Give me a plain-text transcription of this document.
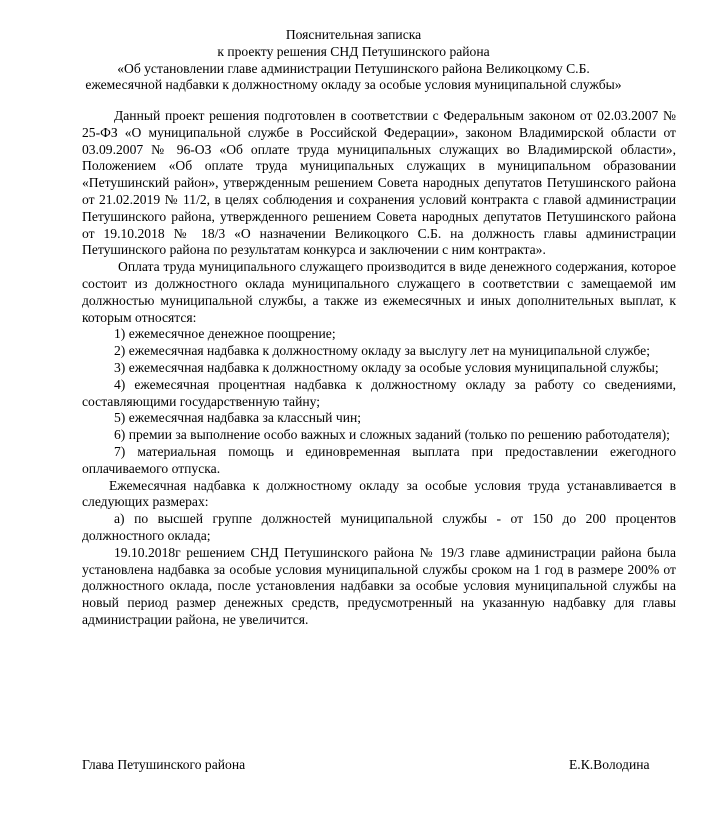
Пояснительная записка
к проекту решения СНД Петушинского района
«Об установлении главе администрации Петушинского района Великоцкому С.Б.
ежемесячной надбавки к должностному окладу за особые условия муниципальной службы»

Данный проект решения подготовлен в соответствии с Федеральным законом от 02.03.2007 № 25-ФЗ «О муниципальной службе в Российской Федерации», законом Владимирской области от 03.09.2007 № 96-ОЗ «Об оплате труда муниципальных служащих во Владимирской области», Положением «Об оплате труда муниципальных служащих в муниципальном образовании «Петушинский район», утвержденным решением Совета народных депутатов Петушинского района от 21.02.2019 № 11/2, в целях соблюдения и сохранения условий контракта с главой администрации Петушинского района, утвержденного решением Совета народных депутатов Петушинского района от 19.10.2018 № 18/3 «О назначении Великоцкого С.Б. на должность главы администрации Петушинского района по результатам конкурса и заключении с ним контракта».

Оплата труда муниципального служащего производится в виде денежного содержания, которое состоит из должностного оклада муниципального служащего в соответствии с замещаемой им должностью муниципальной службы, а также из ежемесячных и иных дополнительных выплат, к которым относятся:

1) ежемесячное денежное поощрение;

2) ежемесячная надбавка к должностному окладу за выслугу лет на муниципальной службе;

3) ежемесячная надбавка к должностному окладу за особые условия муниципальной службы;

4) ежемесячная процентная надбавка к должностному окладу за работу со сведениями, составляющими государственную тайну;

5) ежемесячная надбавка за классный чин;

6) премии за выполнение особо важных и сложных заданий (только по решению работодателя);

7) материальная помощь и единовременная выплата при предоставлении ежегодного оплачиваемого отпуска.

Ежемесячная надбавка к должностному окладу за особые условия труда устанавливается в следующих размерах:

а) по высшей группе должностей муниципальной службы - от 150 до 200 процентов должностного оклада;

19.10.2018г решением СНД Петушинского района № 19/3 главе администрации района была установлена надбавка за особые условия муниципальной службы сроком на 1 год в размере 200% от должностного оклада, после установления надбавки за особые условия муниципальной службы на новый период размер денежных средств, предусмотренный на указанную надбавку для главы администрации района, не увеличится.

Глава Петушинского района	Е.К.Володина
